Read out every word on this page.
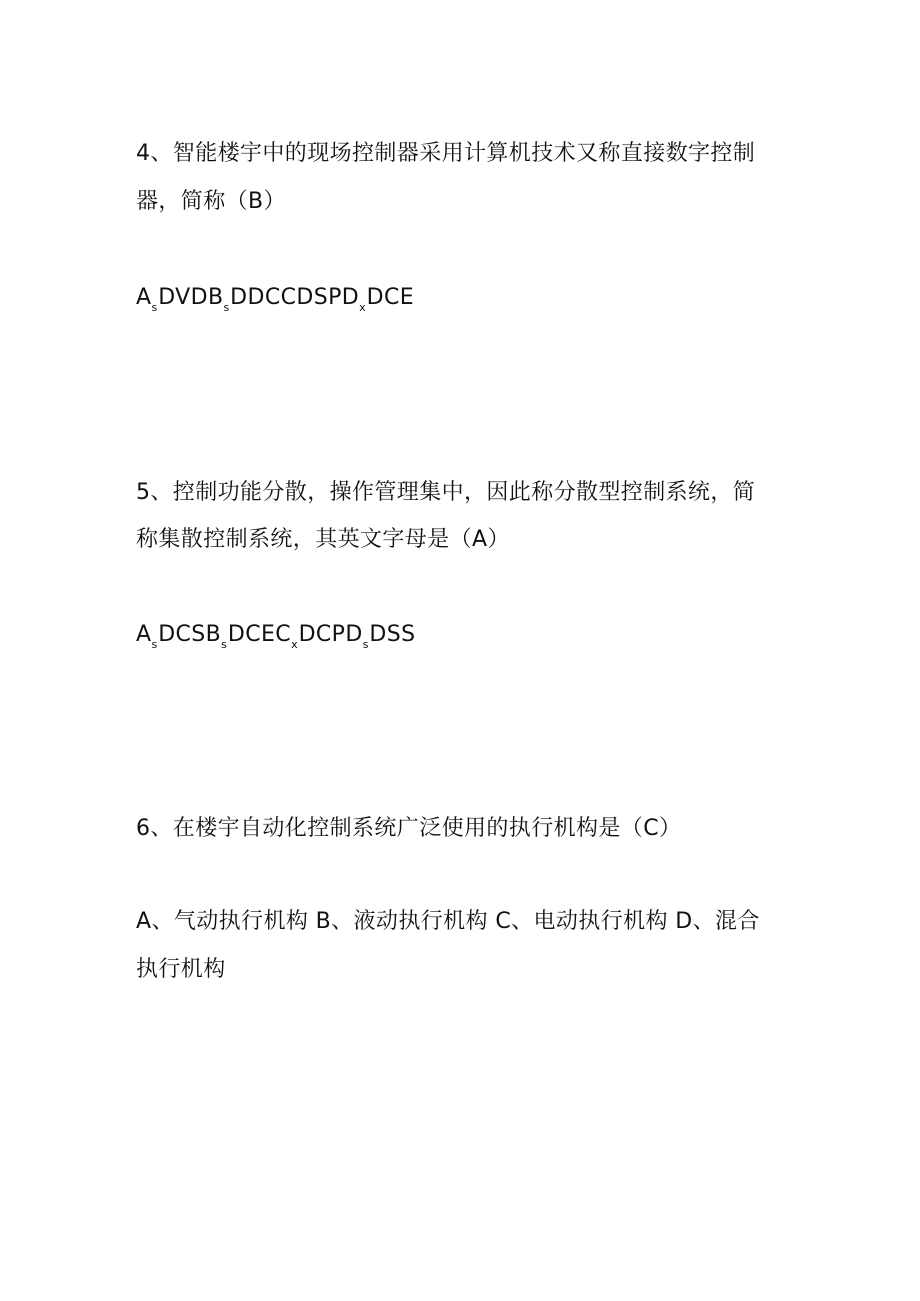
4、智能楼宇中的现场控制器采用计算机技术又称直接数字控制
器，简称（B）
$A_sDVDB_sDDCCDSPD_xDCE$
5、控制功能分散，操作管理集中，因此称分散型控制系统，简
称集散控制系统，其英文字母是（A）
$A_sDCSB_sDCEC_xDCPD_sDSS$
6、在楼宇自动化控制系统广泛使用的执行机构是（C）
A、气动执行机构 B、液动执行机构 C、电动执行机构 D、混合
执行机构
